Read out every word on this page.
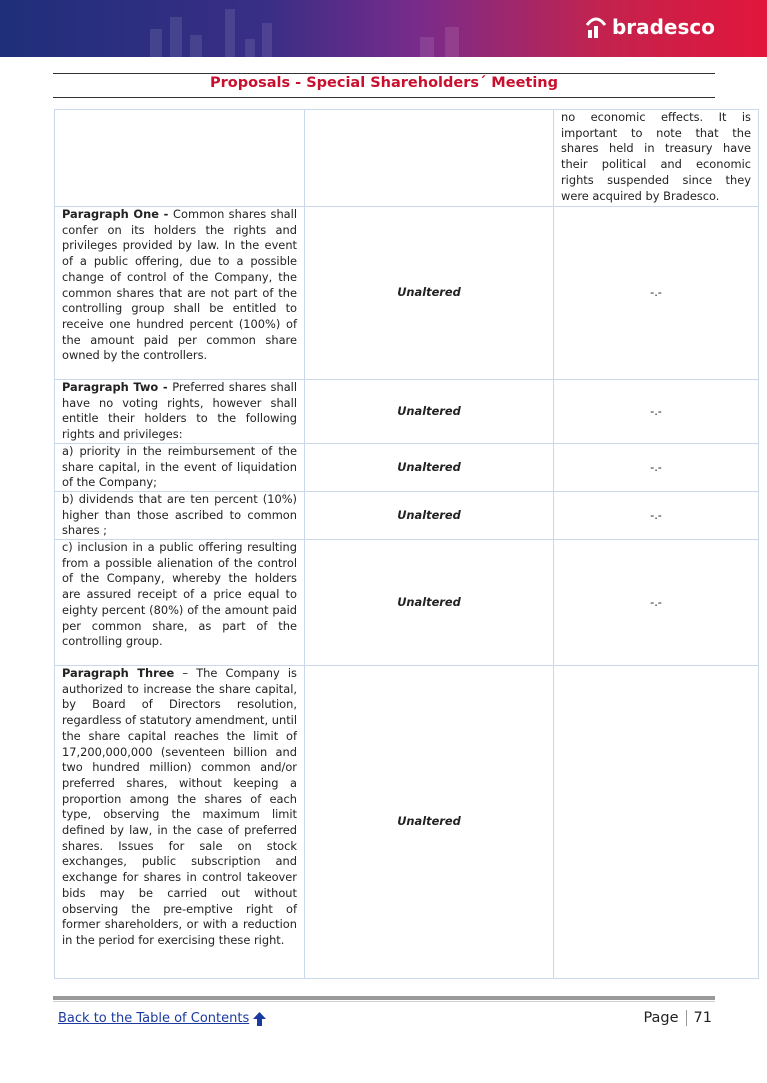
bradesco
Proposals - Special Shareholders´ Meeting
		no economic effects. It is important to note that the shares held in treasury have their political and economic rights suspended since they were acquired by Bradesco.
Paragraph One - Common shares shall confer on its holders the rights and privileges provided by law. In the event of a public offering, due to a possible change of control of the Company, the common shares that are not part of the controlling group shall be entitled to receive one hundred percent (100%) of the amount paid per common share owned by the controllers.	Unaltered	-.-
Paragraph Two - Preferred shares shall have no voting rights, however shall entitle their holders to the following rights and privileges:	Unaltered	-.-
a) priority in the reimbursement of the share capital, in the event of liquidation of the Company;	Unaltered	-.-
b) dividends that are ten percent (10%) higher than those ascribed to common shares ;	Unaltered	-.-
c) inclusion in a public offering resulting from a possible alienation of the control of the Company, whereby the holders are assured receipt of a price equal to eighty percent (80%) of the amount paid per common share, as part of the controlling group.	Unaltered	-.-
Paragraph Three – The Company is authorized to increase the share capital, by Board of Directors resolution, regardless of statutory amendment, until the share capital reaches the limit of 17,200,000,000 (seventeen billion and two hundred million) common and/or preferred shares, without keeping a proportion among the shares of each type, observing the maximum limit defined by law, in the case of preferred shares. Issues for sale on stock exchanges, public subscription and exchange for shares in control takeover bids may be carried out without observing the pre-emptive right of former shareholders, or with a reduction in the period for exercising these right.	Unaltered	
Back to the Table of Contents	Page 71
